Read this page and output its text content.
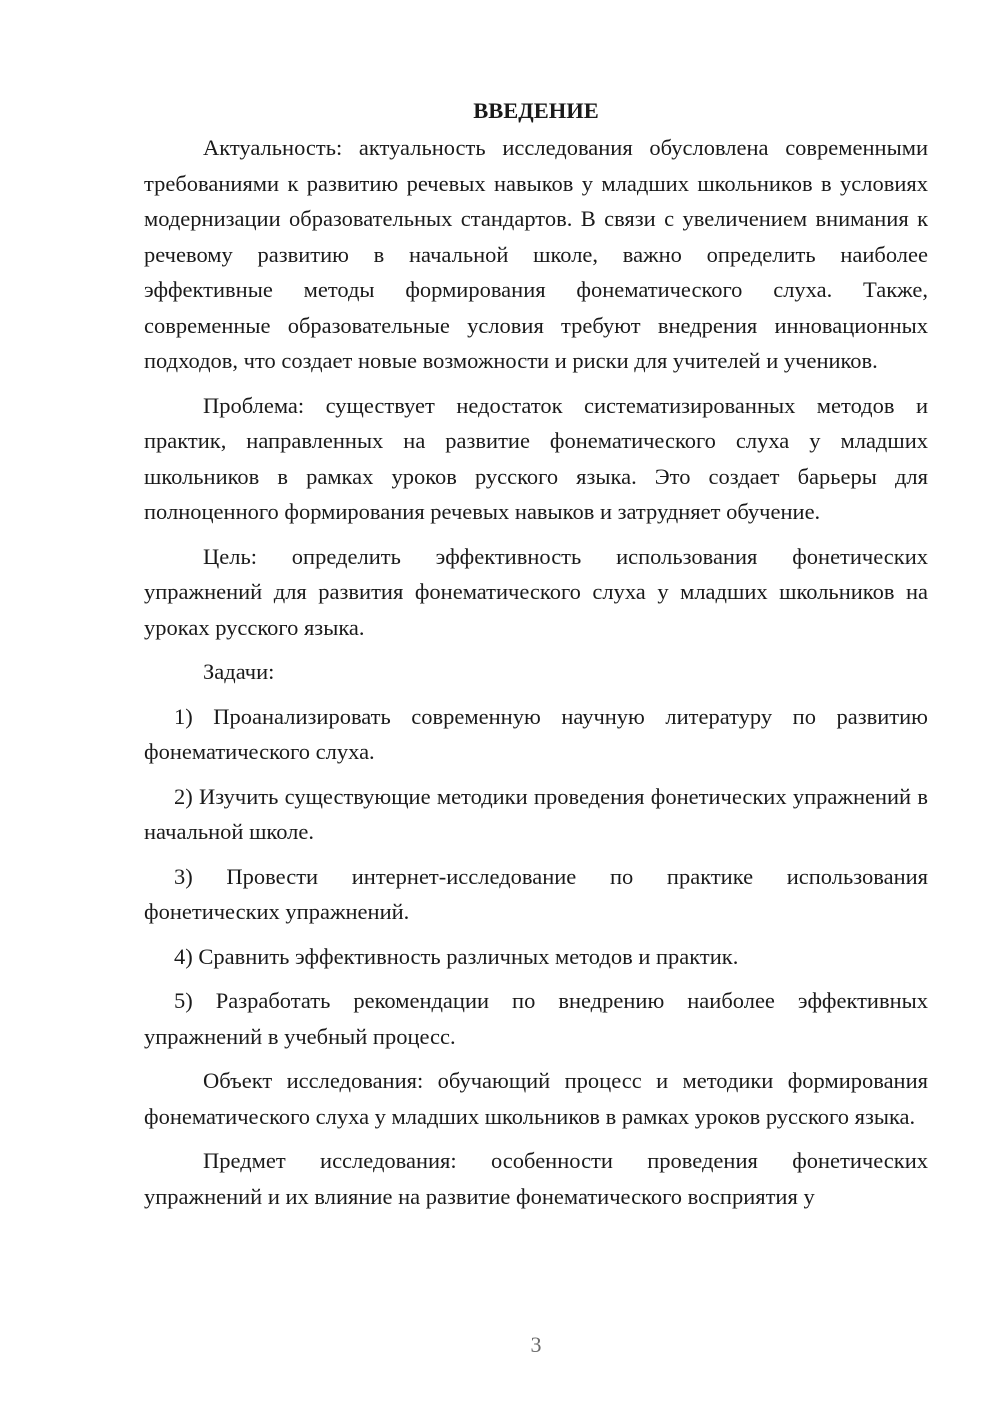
ВВЕДЕНИЕ

Актуальность: актуальность исследования обусловлена современными требованиями к развитию речевых навыков у младших школьников в условиях модернизации образовательных стандартов. В связи с увеличением внимания к речевому развитию в начальной школе, важно определить наиболее эффективные методы формирования фонематического слуха. Также, современные образовательные условия требуют внедрения инновационных подходов, что создает новые возможности и риски для учителей и учеников.

Проблема: существует недостаток систематизированных методов и практик, направленных на развитие фонематического слуха у младших школьников в рамках уроков русского языка. Это создает барьеры для полноценного формирования речевых навыков и затрудняет обучение.

Цель: определить эффективность использования фонетических упражнений для развития фонематического слуха у младших школьников на уроках русского языка.

Задачи:

1) Проанализировать современную научную литературу по развитию фонематического слуха.

2) Изучить существующие методики проведения фонетических упражнений в начальной школе.

3) Провести интернет-исследование по практике использования фонетических упражнений.

4) Сравнить эффективность различных методов и практик.

5) Разработать рекомендации по внедрению наиболее эффективных упражнений в учебный процесс.

Объект исследования: обучающий процесс и методики формирования фонематического слуха у младших школьников в рамках уроков русского языка.

Предмет исследования: особенности проведения фонетических упражнений и их влияние на развитие фонематического восприятия у

3
